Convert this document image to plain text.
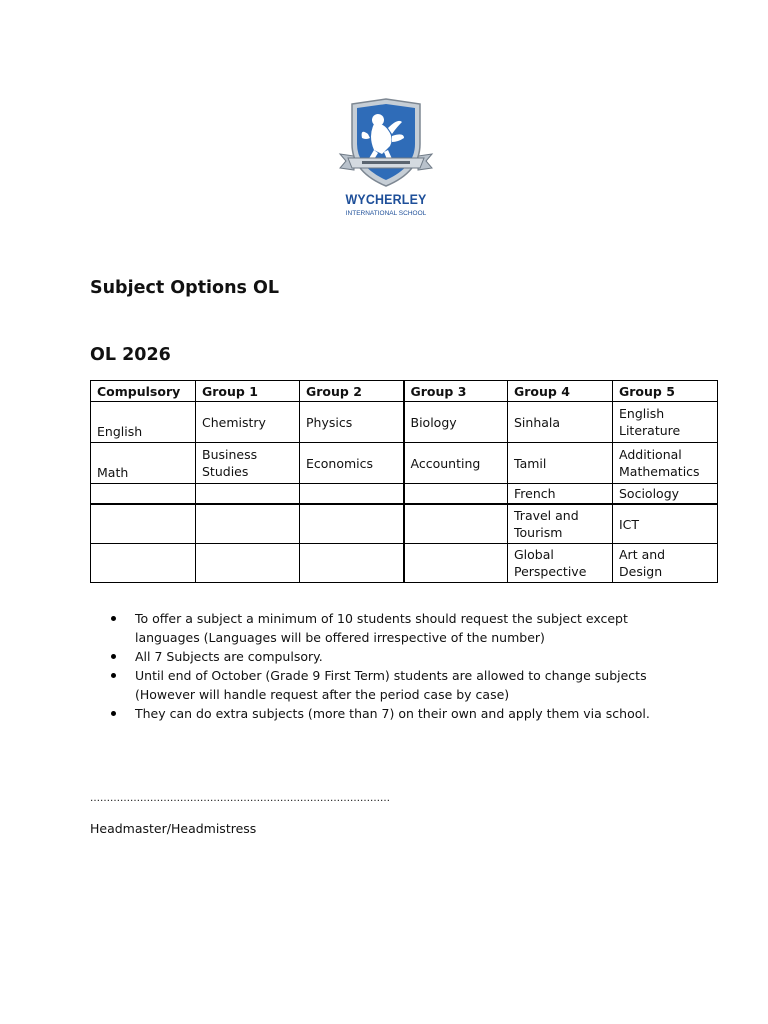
WYCHERLEY
INTERNATIONAL SCHOOL
Subject Options OL
OL 2026
Compulsory	Group 1	Group 2	Group 3	Group 4	Group 5
English	Chemistry	Physics	Biology	Sinhala	English Literature
Math	Business Studies	Economics	Accounting	Tamil	Additional Mathematics
				French	Sociology
				Travel and Tourism	ICT
				Global Perspective	Art and Design
To offer a subject a minimum of 10 students should request the subject except languages (Languages will be offered irrespective of the number)
All 7 Subjects are compulsory.
Until end of October (Grade 9 First Term) students are allowed to change subjects (However will handle request after the period case by case)
They can do extra subjects (more than 7) on their own and apply them via school.
………………………………………………………………………………
Headmaster/Headmistress
